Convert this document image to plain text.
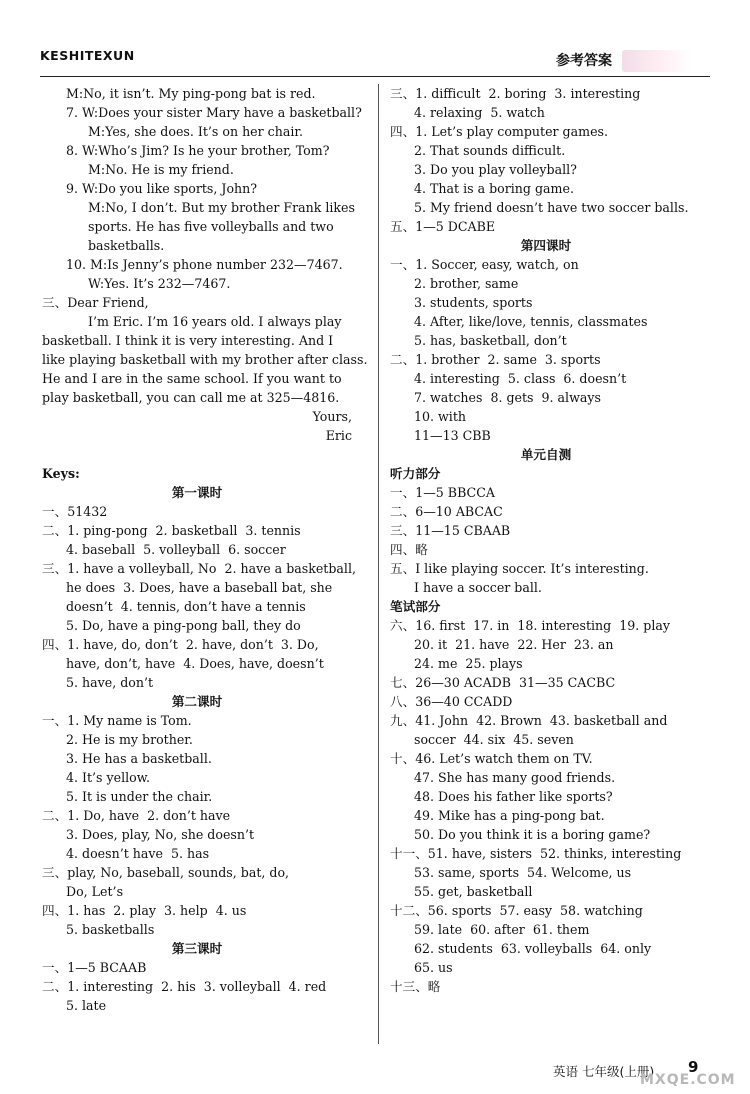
KESHITEXUN	参考答案
M:No, it isn’t. My ping-pong bat is red.
7. W:Does your sister Mary have a basketball?
M:Yes, she does. It’s on her chair.
8. W:Who’s Jim? Is he your brother, Tom?
M:No. He is my friend.
9. W:Do you like sports, John?
M:No, I don’t. But my brother Frank likes
sports. He has five volleyballs and two
basketballs.
10. M:Is Jenny’s phone number 232—7467.
W:Yes. It’s 232—7467.
三、Dear Friend,
I’m Eric. I’m 16 years old. I always play
basketball. I think it is very interesting. And I
like playing basketball with my brother after class.
He and I are in the same school. If you want to
play basketball, you can call me at 325—4816.
Yours,
Eric
Keys:
第一课时
一、51432
二、1. ping-pong  2. basketball  3. tennis
4. baseball  5. volleyball  6. soccer
三、1. have a volleyball, No  2. have a basketball,
he does  3. Does, have a baseball bat, she
doesn’t  4. tennis, don’t have a tennis
5. Do, have a ping-pong ball, they do
四、1. have, do, don’t  2. have, don’t  3. Do,
have, don’t, have  4. Does, have, doesn’t
5. have, don’t
第二课时
一、1. My name is Tom.
2. He is my brother.
3. He has a basketball.
4. It’s yellow.
5. It is under the chair.
二、1. Do, have  2. don’t have
3. Does, play, No, she doesn’t
4. doesn’t have  5. has
三、play, No, baseball, sounds, bat, do,
Do, Let’s
四、1. has  2. play  3. help  4. us
5. basketballs
第三课时
一、1—5 BCAAB
二、1. interesting  2. his  3. volleyball  4. red
5. late
三、1. difficult  2. boring  3. interesting
4. relaxing  5. watch
四、1. Let’s play computer games.
2. That sounds difficult.
3. Do you play volleyball?
4. That is a boring game.
5. My friend doesn’t have two soccer balls.
五、1—5 DCABE
第四课时
一、1. Soccer, easy, watch, on
2. brother, same
3. students, sports
4. After, like/love, tennis, classmates
5. has, basketball, don’t
二、1. brother  2. same  3. sports
4. interesting  5. class  6. doesn’t
7. watches  8. gets  9. always
10. with
11—13 CBB
单元自测
听力部分
一、1—5 BBCCA
二、6—10 ABCAC
三、11—15 CBAAB
四、略
五、I like playing soccer. It’s interesting.
I have a soccer ball.
笔试部分
六、16. first  17. in  18. interesting  19. play
20. it  21. have  22. Her  23. an
24. me  25. plays
七、26—30 ACADB  31—35 CACBC
八、36—40 CCADD
九、41. John  42. Brown  43. basketball and
soccer  44. six  45. seven
十、46. Let’s watch them on TV.
47. She has many good friends.
48. Does his father like sports?
49. Mike has a ping-pong bat.
50. Do you think it is a boring game?
十一、51. have, sisters  52. thinks, interesting
53. same, sports  54. Welcome, us
55. get, basketball
十二、56. sports  57. easy  58. watching
59. late  60. after  61. them
62. students  63. volleyballs  64. only
65. us
十三、略
英语 七年级(上册) 9
MXQE.COM
